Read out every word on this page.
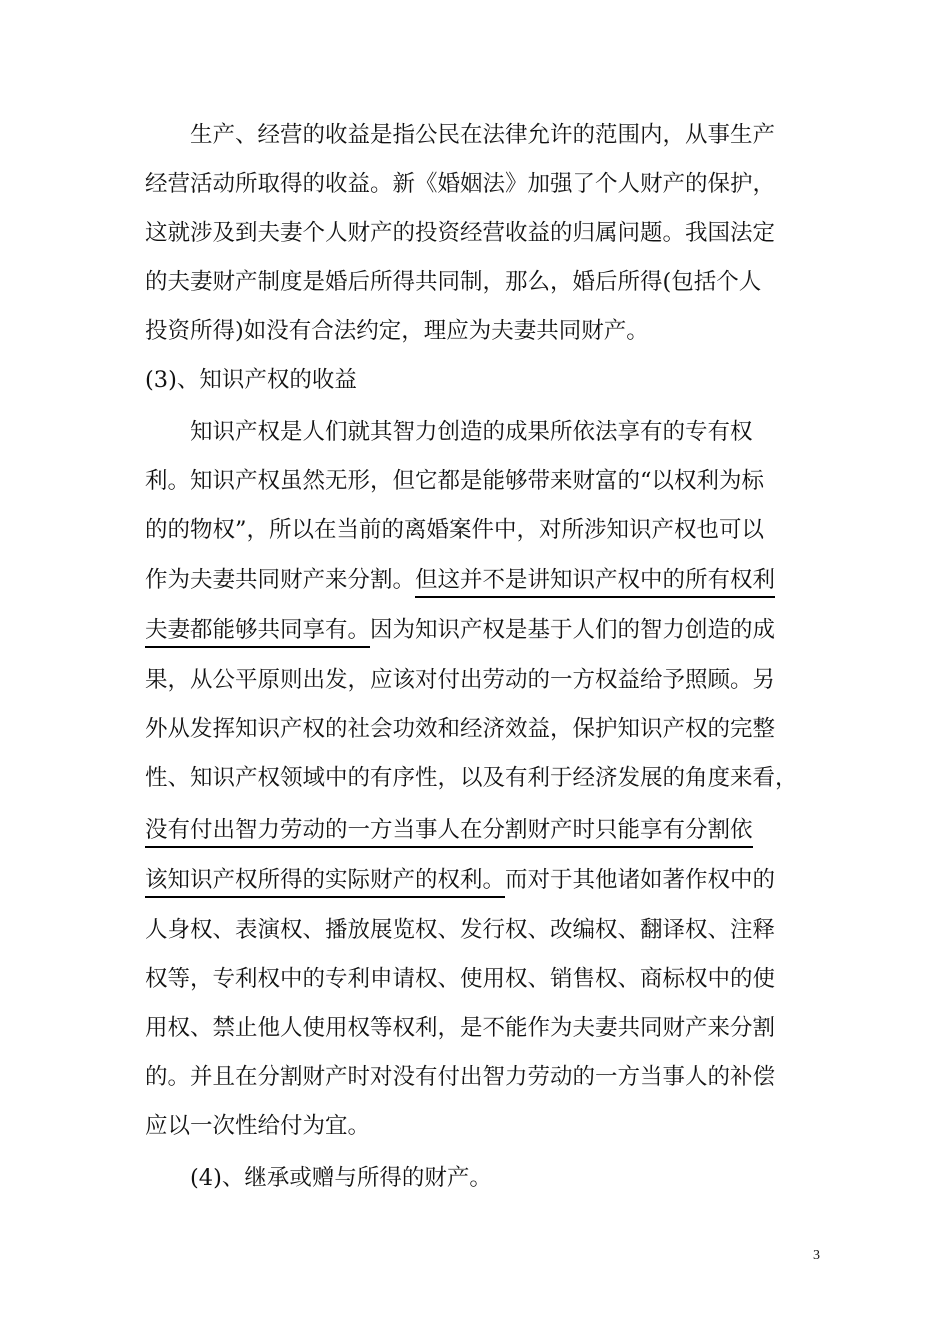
　　生产、经营的收益是指公民在法律允许的范围内，从事生产
经营活动所取得的收益。新《婚姻法》加强了个人财产的保护，
这就涉及到夫妻个人财产的投资经营收益的归属问题。我国法定
的夫妻财产制度是婚后所得共同制，那么，婚后所得(包括个人
投资所得)如没有合法约定，理应为夫妻共同财产。
(3)、知识产权的收益
　　知识产权是人们就其智力创造的成果所依法享有的专有权
利。知识产权虽然无形，但它都是能够带来财富的“以权利为标
的的物权”，所以在当前的离婚案件中，对所涉知识产权也可以
作为夫妻共同财产来分割。但这并不是讲知识产权中的所有权利
夫妻都能够共同享有。因为知识产权是基于人们的智力创造的成
果，从公平原则出发，应该对付出劳动的一方权益给予照顾。另
外从发挥知识产权的社会功效和经济效益，保护知识产权的完整
性、知识产权领域中的有序性，以及有利于经济发展的角度来看，
没有付出智力劳动的一方当事人在分割财产时只能享有分割依
该知识产权所得的实际财产的权利。而对于其他诸如著作权中的
人身权、表演权、播放展览权、发行权、改编权、翻译权、注释
权等，专利权中的专利申请权、使用权、销售权、商标权中的使
用权、禁止他人使用权等权利，是不能作为夫妻共同财产来分割
的。并且在分割财产时对没有付出智力劳动的一方当事人的补偿
应以一次性给付为宜。
　　(4)、继承或赠与所得的财产。
3
